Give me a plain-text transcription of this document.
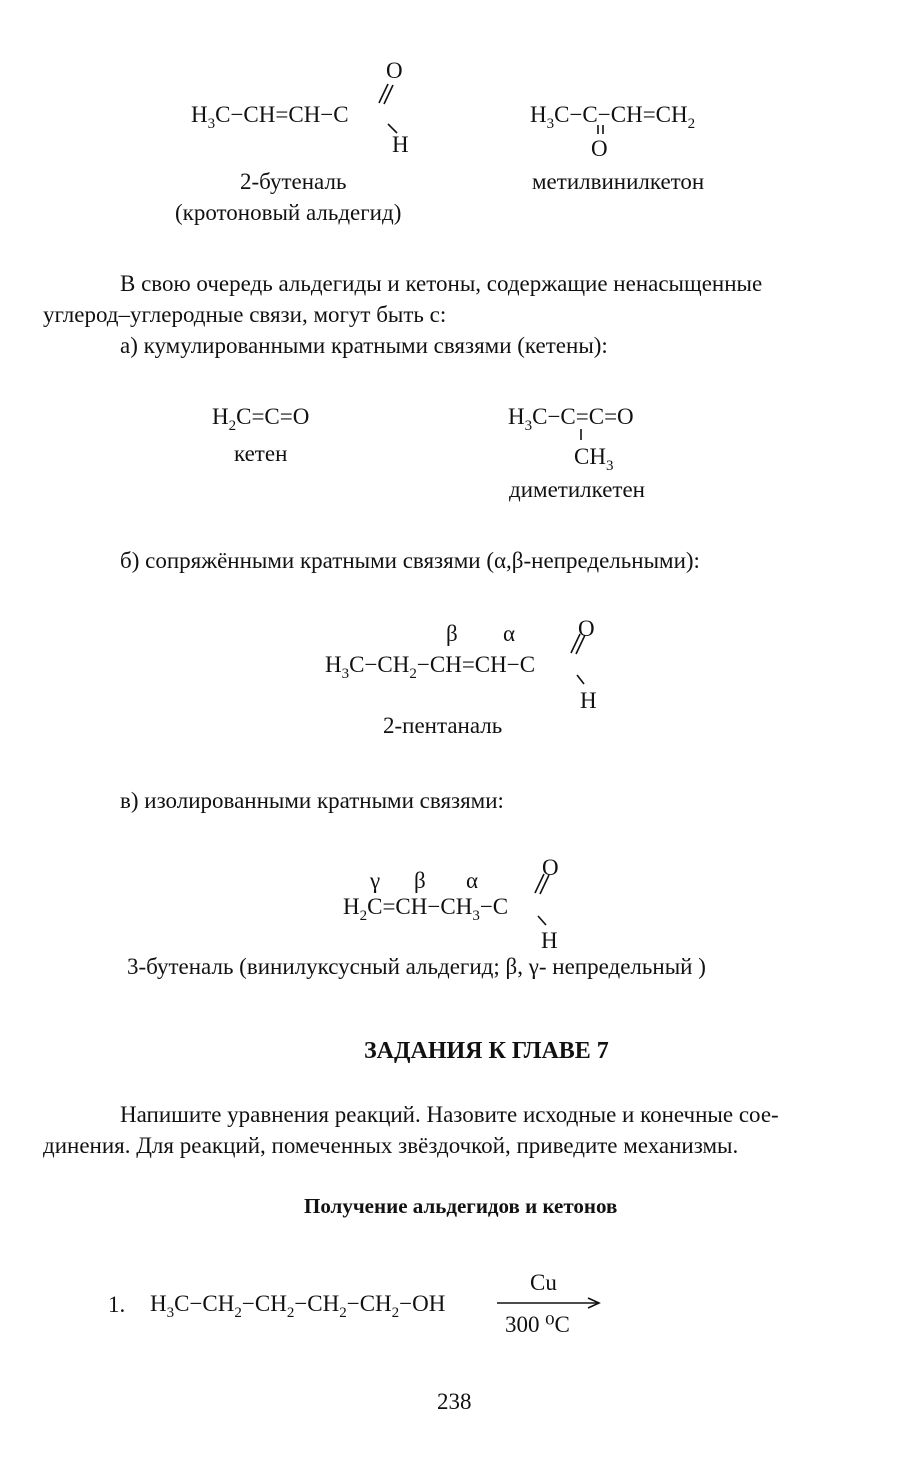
$H_3C-CH=CH-C$
O
H
$H_3C-C-CH=CH_2$
O
$H_2C=C=O$	$H_3C-C=C=O$
$CH_3$
β α
$H_3C-CH_2-CH=CH-C$
O
H
γ β α
$H_2C=CH-CH_3-C$
O
H
$H_3C-CH_2-CH_2-CH_2-CH_2-OH$
2-бутеналь
(кротоновый альдегид)
метилвинилкетон
В свою очередь альдегиды и кетоны, содержащие ненасыщенные
углерод–углеродные связи, могут быть с:
а) кумулированными кратными связями (кетены):
кетен
диметилкетен
б) сопряжёнными кратными связями (α,β-непредельными):
2-пентаналь
в) изолированными кратными связями:
3-бутеналь (винилуксусный альдегид; β, γ- непредельный )
ЗАДАНИЯ К ГЛАВЕ 7
Напишите уравнения реакций. Назовите исходные и конечные сое-
динения. Для реакций, помеченных звёздочкой, приведите механизмы.
Получение альдегидов и кетонов
1.
Cu
300 ⁰C
238
